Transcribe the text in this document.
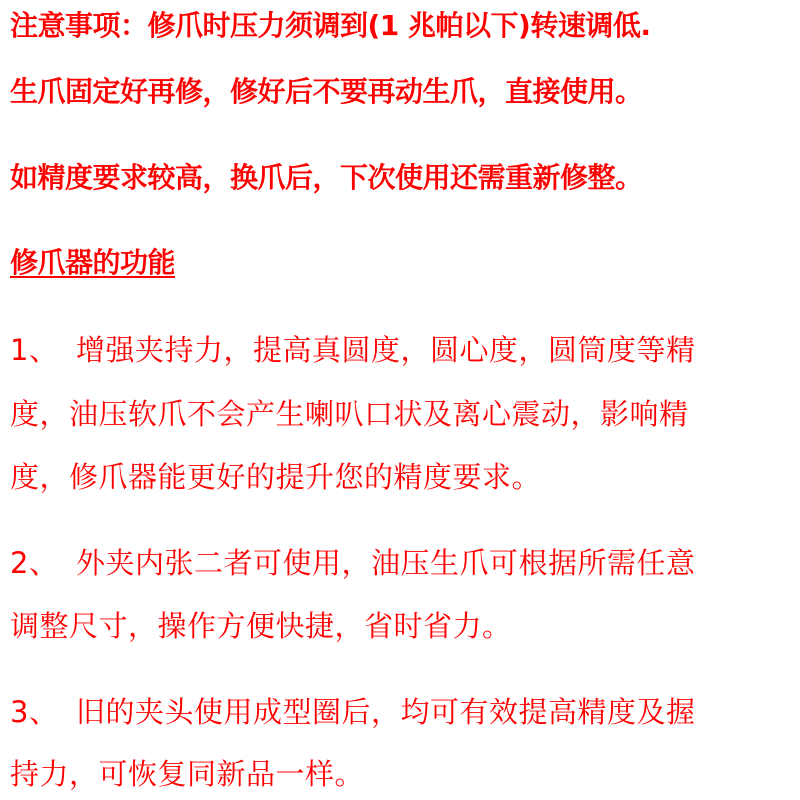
注意事项：修爪时压力须调到(1 兆帕以下)转速调低.
生爪固定好再修，修好后不要再动生爪，直接使用。
如精度要求较高，换爪后，下次使用还需重新修整。
修爪器的功能
1、 增强夹持力，提高真圆度，圆心度，圆筒度等精
度，油压软爪不会产生喇叭口状及离心震动，影响精
度，修爪器能更好的提升您的精度要求。
2、 外夹内张二者可使用，油压生爪可根据所需任意
调整尺寸，操作方便快捷，省时省力。
3、 旧的夹头使用成型圈后，均可有效提高精度及握
持力，可恢复同新品一样。
